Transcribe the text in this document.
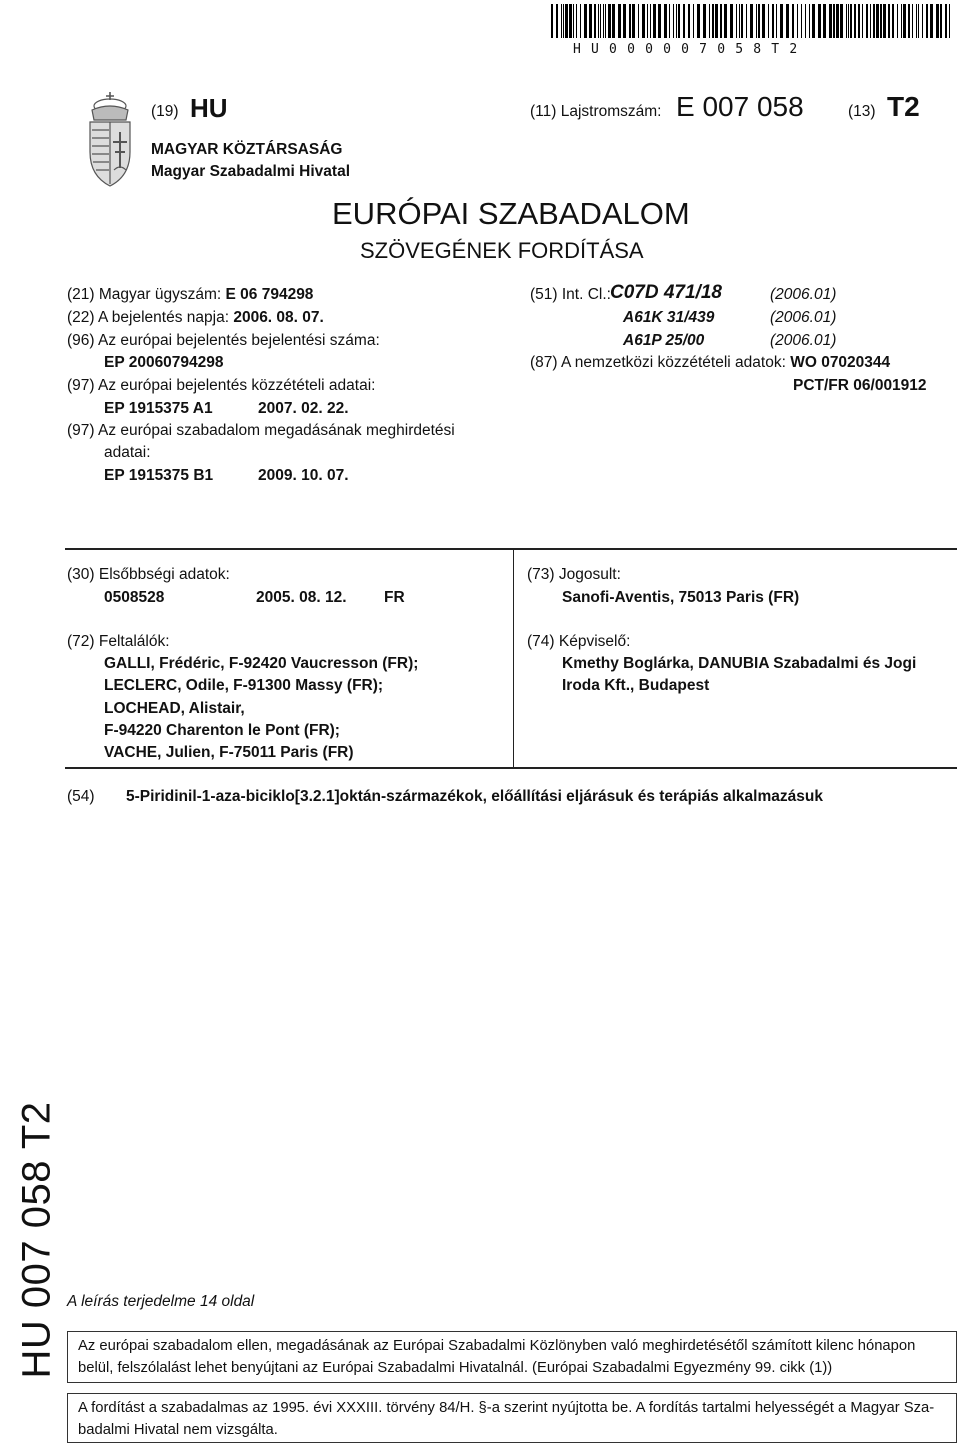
HU000007058T2
(19) HU	(11) Lajstromszám: E 007 058	(13) T2
MAGYAR KÖZTÁRSASÁG
Magyar Szabadalmi Hivatal
EURÓPAI SZABADALOM
SZÖVEGÉNEK FORDÍTÁSA
(21) Magyar ügyszám: E 06 794298
(22) A bejelentés napja: 2006. 08. 07.
(96) Az európai bejelentés bejelentési száma:
EP 20060794298
(97) Az európai bejelentés közzétételi adatai:
EP 1915375 A1	2007. 02. 22.
(97) Az európai szabadalom megadásának meghirdetési
adatai:
EP 1915375 B1	2009. 10. 07.
(51) Int. Cl.: C07D 471/18	(2006.01)
A61K 31/439	(2006.01)
A61P 25/00	(2006.01)
(87) A nemzetközi közzétételi adatok: WO 07020344
PCT/FR 06/001912
(30) Elsőbbségi adatok:
0508528	2005. 08. 12. FR
(72) Feltalálók:
GALLI, Frédéric, F-92420 Vaucresson (FR);
LECLERC, Odile, F-91300 Massy (FR);
LOCHEAD, Alistair,
F-94220 Charenton le Pont (FR);
VACHE, Julien, F-75011 Paris (FR)
(73) Jogosult:
Sanofi-Aventis, 75013 Paris (FR)
(74) Képviselő:
Kmethy Boglárka, DANUBIA Szabadalmi és Jogi
Iroda Kft., Budapest
(54) 5-Piridinil-1-aza-biciklo[3.2.1]oktán-származékok, előállítási eljárásuk és terápiás alkalmazásuk
HU 007 058 T2 A leírás terjedelme 14 oldal
Az európai szabadalom ellen, megadásának az Európai Szabadalmi Közlönyben való meghirdetésétől számított kilenc hónapon
belül, felszólalást lehet benyújtani az Európai Szabadalmi Hivatalnál. (Európai Szabadalmi Egyezmény 99. cikk (1))
A fordítást a szabadalmas az 1995. évi XXXIII. törvény 84/H. §-a szerint nyújtotta be. A fordítás tartalmi helyességét a Magyar Sza-
badalmi Hivatal nem vizsgálta.
